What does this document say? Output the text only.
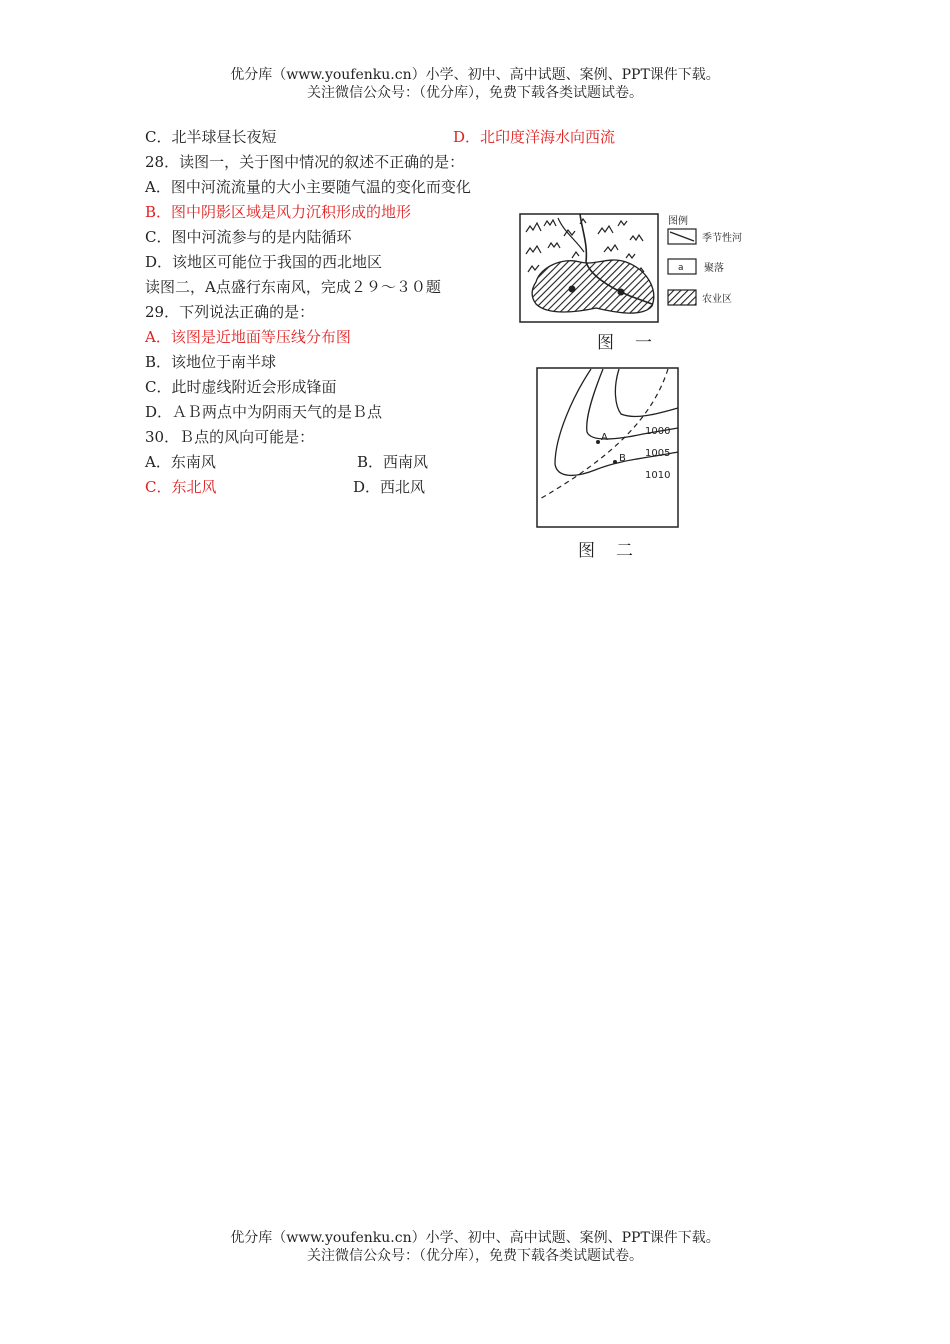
优分库（www.youfenku.cn）小学、初中、高中试题、案例、PPT课件下载。
关注微信公众号：（优分库），免费下载各类试题试卷。
C．北半球昼长夜短	D．北印度洋海水向西流
28．读图一，关于图中情况的叙述不正确的是：
A．图中河流流量的大小主要随气温的变化而变化
B．图中阴影区域是风力沉积形成的地形
C．图中河流参与的是内陆循环
D．该地区可能位于我国的西北地区
读图二，A点盛行东南风，完成２９～３０题
29．下列说法正确的是：
A．该图是近地面等压线分布图
B．该地位于南半球
C．此时虚线附近会形成锋面
D．ＡＢ两点中为阴雨天气的是Ｂ点
30．Ｂ点的风向可能是：
A．东南风	B．西南风
C．东北风	D．西北风
图例
季节性河
a 聚落
农业区
图　一
1000
1005
1010
A
B
图　二
优分库（www.youfenku.cn）小学、初中、高中试题、案例、PPT课件下载。
关注微信公众号：（优分库），免费下载各类试题试卷。
